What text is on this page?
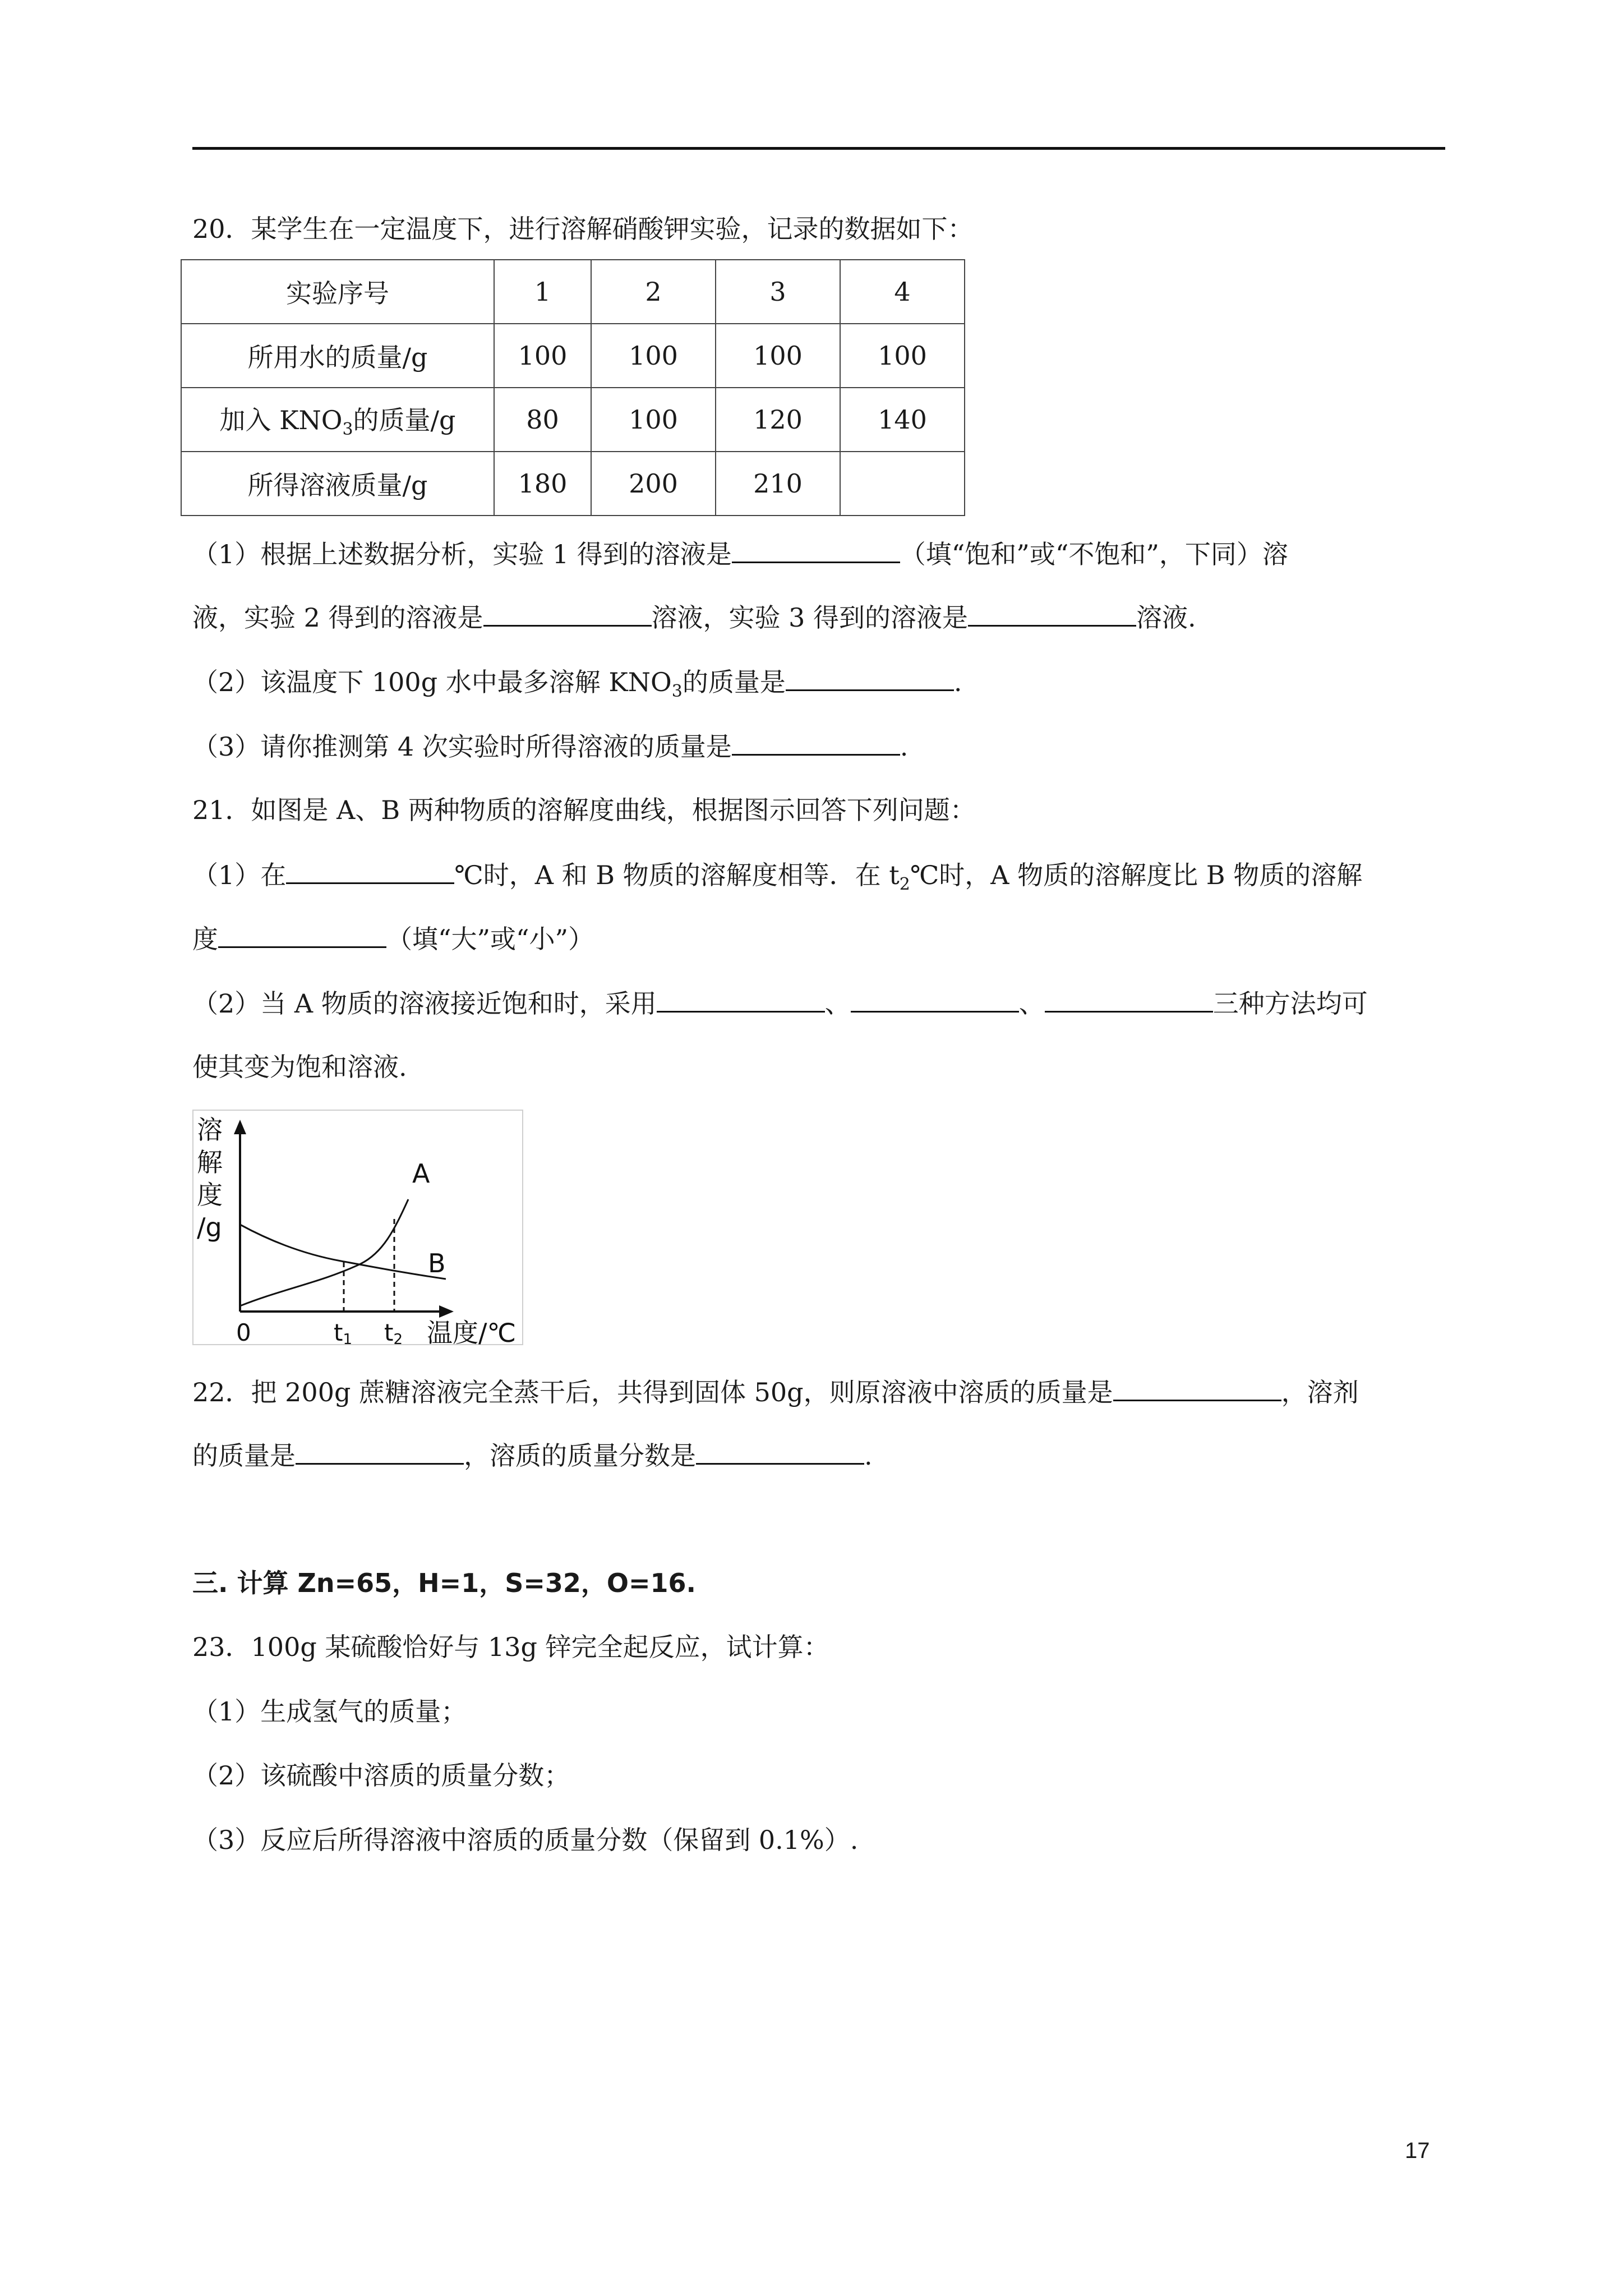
20．某学生在一定温度下，进行溶解硝酸钾实验，记录的数据如下：
实验序号	1	2	3	4
所用水的质量/g	100	100	100	100
加入 $KNO_3$的质量/g	80	100	120	140
所得溶液质量/g	180	200	210	
（1）根据上述数据分析，实验 1 得到的溶液是	（填“饱和”或“不饱和”，下同）溶
液，实验 2 得到的溶液是	溶液，实验 3 得到的溶液是	溶液.
（2）该温度下 100g 水中最多溶解 $KNO_3$的质量是	.
（3）请你推测第 4 次实验时所得溶液的质量是	.
21．如图是 A、B 两种物质的溶解度曲线，根据图示回答下列问题：
（1）在	℃时，A 和 B 物质的溶解度相等．在 $t_2℃$时，A 物质的溶解度比 B 物质的溶解
度	（填“大”或“小”）
（2）当 A 物质的溶液接近饱和时，采用	、	、	三种方法均可
使其变为饱和溶液.
溶
解
度
/g
A
B
0	t1 t2 温度/℃
22．把 200g 蔗糖溶液完全蒸干后，共得到固体 50g，则原溶液中溶质的质量是	，溶剂
的质量是	，溶质的质量分数是	.
三. 计算 Zn=65，H=1，S=32，O=16.
23．100g 某硫酸恰好与 13g 锌完全起反应，试计算：
（1）生成氢气的质量；
（2）该硫酸中溶质的质量分数；
（3）反应后所得溶液中溶质的质量分数（保留到 0.1%）.
17
